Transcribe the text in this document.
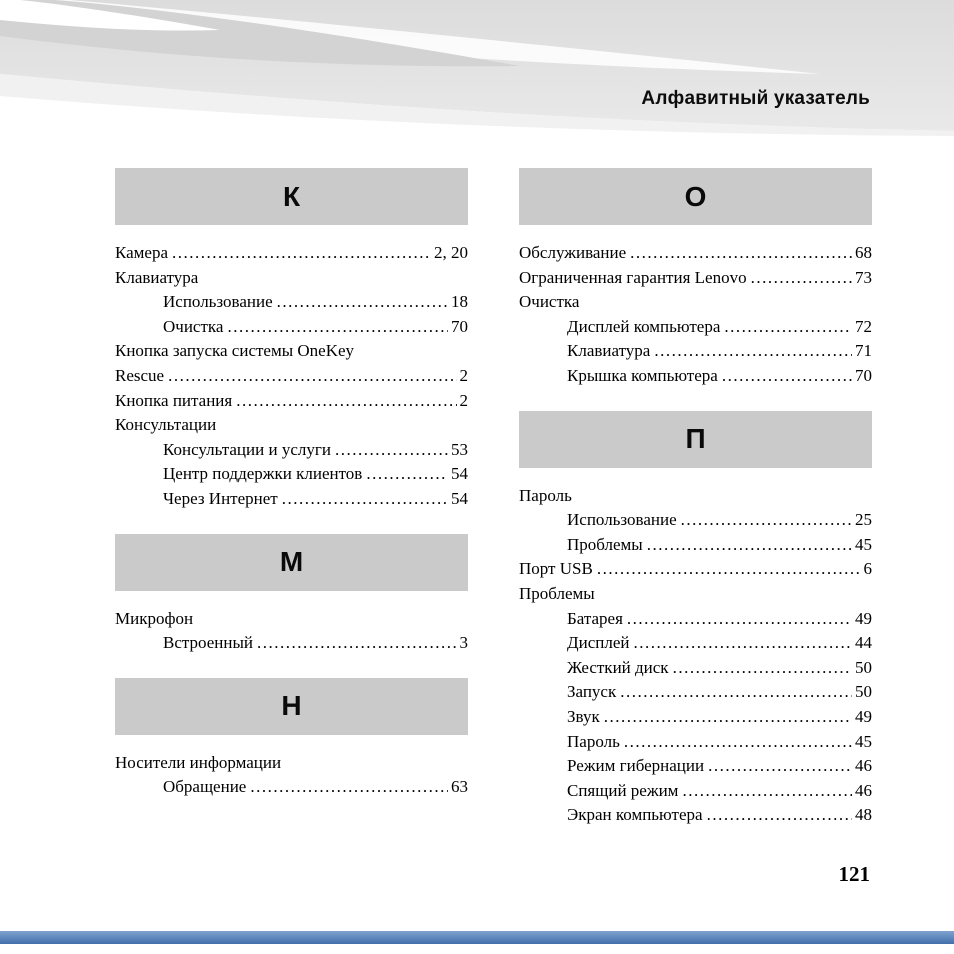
Алфавитный указатель
К
Камера .....	2, 20
Клавиатура
Использование .....	18
Очистка .....	70
Кнопка запуска системы OneKey
Rescue .....	2
Кнопка питания .....	2
Консультации
Консультации и услуги .....	53
Центр поддержки клиентов .....	54
Через Интернет .....	54
М
Микрофон
Встроенный .....	3
Н
Носители информации
Обращение .....	63
О
Обслуживание .....	68
Ограниченная гарантия Lenovo .....	73
Очистка
Дисплей компьютера .....	72
Клавиатура .....	71
Крышка компьютера .....	70
П
Пароль
Использование .....	25
Проблемы .....	45
Порт USB .....	6
Проблемы
Батарея .....	49
Дисплей .....	44
Жесткий диск .....	50
Запуск .....	50
Звук .....	49
Пароль .....	45
Режим гибернации .....	46
Спящий режим .....	46
Экран компьютера .....	48
121
